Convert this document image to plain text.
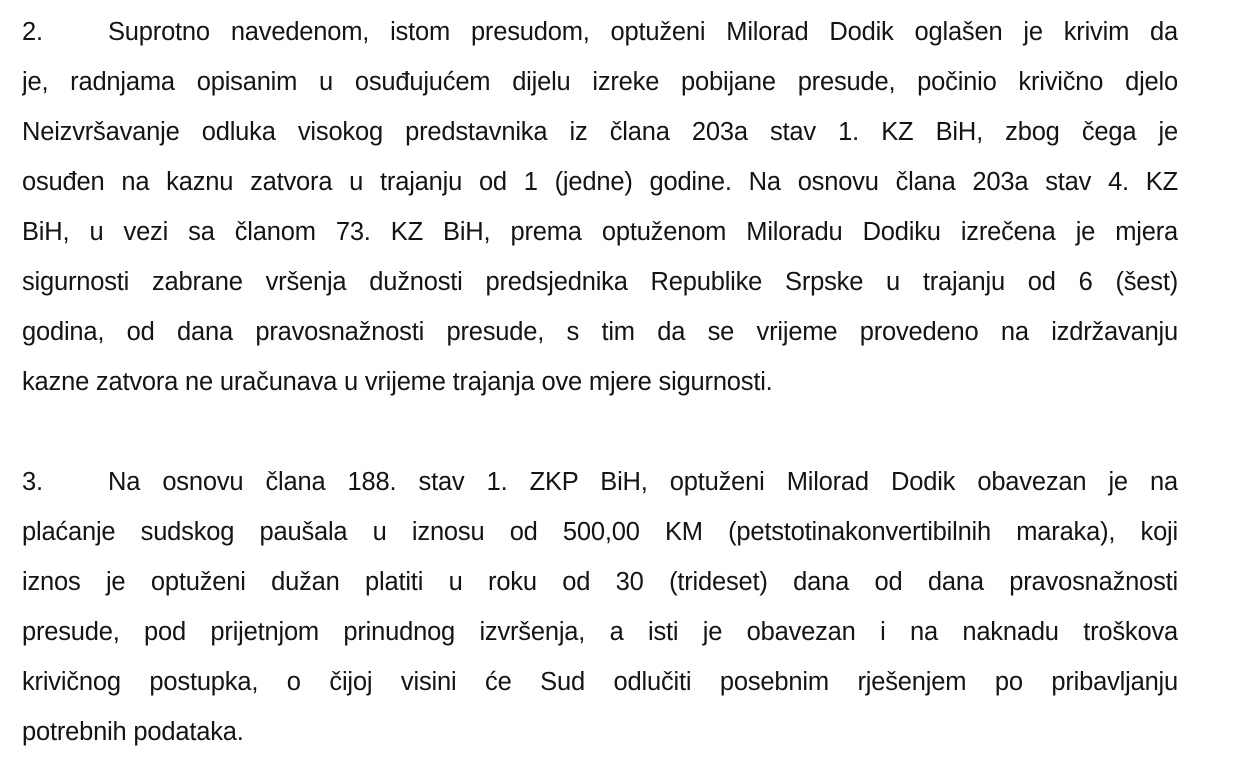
2.	Suprotno navedenom, istom presudom, optuženi Milorad Dodik oglašen je krivim da
je, radnjama opisanim u osuđujućem dijelu izreke pobijane presude, počinio krivično djelo
Neizvršavanje odluka visokog predstavnika iz člana 203a stav 1. KZ BiH, zbog čega je
osuđen na kaznu zatvora u trajanju od 1 (jedne) godine. Na osnovu člana 203a stav 4. KZ
BiH, u vezi sa članom 73. KZ BiH, prema optuženom Miloradu Dodiku izrečena je mjera
sigurnosti zabrane vršenja dužnosti predsjednika Republike Srpske u trajanju od 6 (šest)
godina, od dana pravosnažnosti presude, s tim da se vrijeme provedeno na izdržavanju
kazne zatvora ne uračunava u vrijeme trajanja ove mjere sigurnosti.
3.	Na osnovu člana 188. stav 1. ZKP BiH, optuženi Milorad Dodik obavezan je na
plaćanje sudskog paušala u iznosu od 500,00 KM (petstotinakonvertibilnih maraka), koji
iznos je optuženi dužan platiti u roku od 30 (trideset) dana od dana pravosnažnosti
presude, pod prijetnjom prinudnog izvršenja, a isti je obavezan i na naknadu troškova
krivičnog postupka, o čijoj visini će Sud odlučiti posebnim rješenjem po pribavljanju
potrebnih podataka.
